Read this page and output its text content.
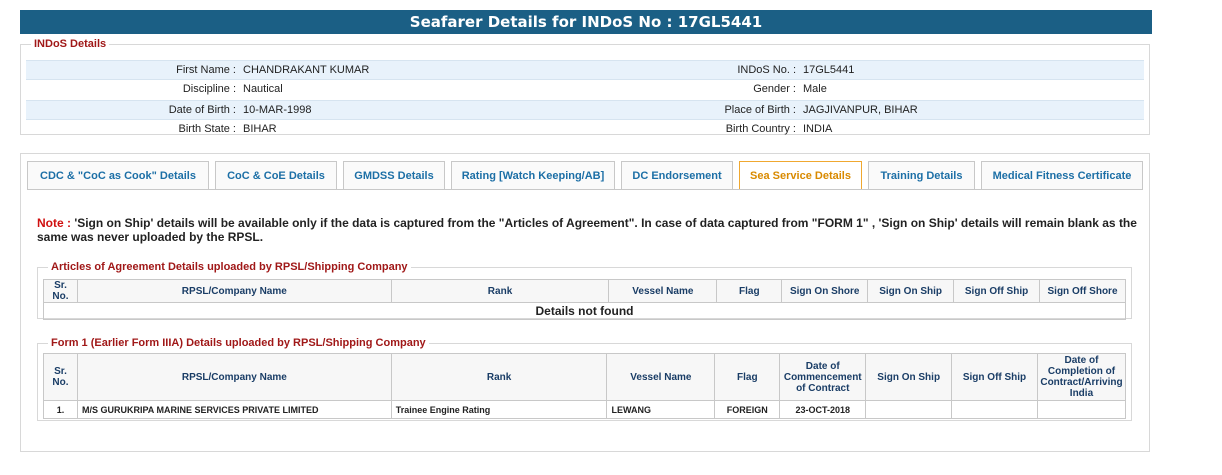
Seafarer Details for INDoS No : 17GL5441
INDoS Details
First Name : CHANDRAKANT KUMAR	INDoS No. : 17GL5441
Discipline : Nautical	Gender : Male
Date of Birth : 10-MAR-1998	Place of Birth : JAGJIVANPUR, BIHAR
Birth State : BIHAR	Birth Country : INDIA
CDC & "CoC as Cook" Details	CoC & CoE Details	GMDSS Details	Rating [Watch Keeping/AB]	DC Endorsement	Sea Service Details	Training Details	Medical Fitness Certificate
Note : 'Sign on Ship' details will be available only if the data is captured from the "Articles of Agreement". In case of data captured from "FORM 1" , 'Sign on Ship' details will remain blank as the same was never uploaded by the RPSL.
Articles of Agreement Details uploaded by RPSL/Shipping Company
Sr. No.	RPSL/Company Name	Rank	Vessel Name	Flag	Sign On Shore	Sign On Ship	Sign Off Ship	Sign Off Shore
Details not found
Form 1 (Earlier Form IIIA) Details uploaded by RPSL/Shipping Company
Sr. No.	RPSL/Company Name	Rank	Vessel Name	Flag	Date of Commencement of Contract	Sign On Ship	Sign Off Ship	Date of Completion of Contract/Arriving India
1.	M/S GURUKRIPA MARINE SERVICES PRIVATE LIMITED	Trainee Engine Rating	LEWANG	FOREIGN	23-OCT-2018			
